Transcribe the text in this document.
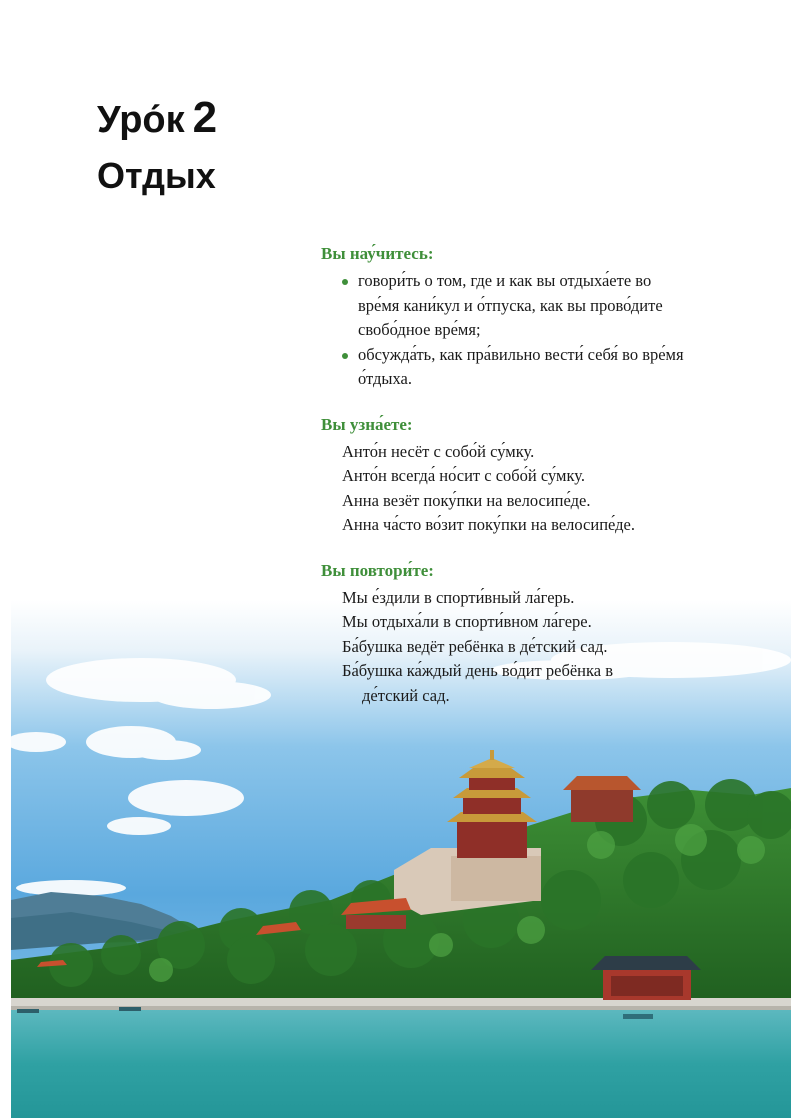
Уро́к 2
Отдых
Вы нау́читесь:
говори́ть о том, где и как вы отдыха́ете во
вре́мя кани́кул и о́тпуска, как вы прово́дите
свобо́дное вре́мя;
обсужда́ть, как пра́вильно вести́ себя́ во вре́мя
о́тдыха.
Вы узна́ете:
Анто́н несёт с собо́й су́мку.
Анто́н всегда́ но́сит с собо́й су́мку.
Анна везёт поку́пки на велосипе́де.
Анна ча́сто во́зит поку́пки на велосипе́де.
Вы повтори́те:
Мы е́здили в спорти́вный ла́герь.
Мы отдыха́ли в спорти́вном ла́гере.
Ба́бушка ведёт ребёнка в де́тский сад.
Ба́бушка ка́ждый день во́дит ребёнка в
де́тский сад.
